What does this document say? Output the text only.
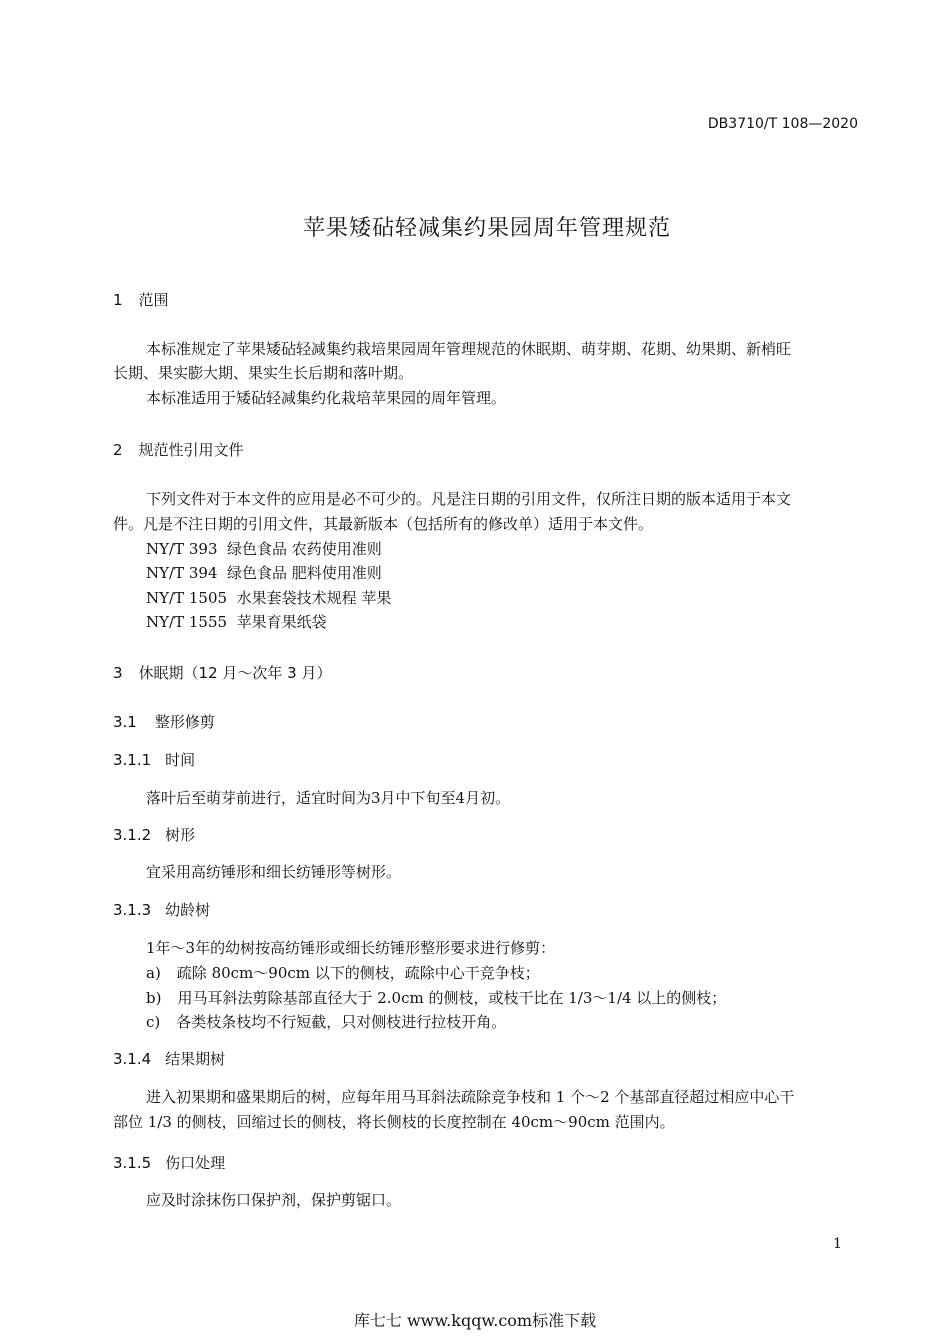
DB3710/T 108—2020
苹果矮砧轻减集约果园周年管理规范
1 范围
本标准规定了苹果矮砧轻减集约栽培果园周年管理规范的休眠期、萌芽期、花期、幼果期、新梢旺
长期、果实膨大期、果实生长后期和落叶期。
本标准适用于矮砧轻减集约化栽培苹果园的周年管理。
2 规范性引用文件
下列文件对于本文件的应用是必不可少的。凡是注日期的引用文件，仅所注日期的版本适用于本文
件。凡是不注日期的引用文件，其最新版本（包括所有的修改单）适用于本文件。
NY/T 393  绿色食品 农药使用准则
NY/T 394  绿色食品 肥料使用准则
NY/T 1505  水果套袋技术规程 苹果
NY/T 1555  苹果育果纸袋
3 休眠期（12 月～次年 3 月）
3.1 整形修剪
3.1.1 时间
落叶后至萌芽前进行，适宜时间为3月中下旬至4月初。
3.1.2 树形
宜采用高纺锤形和细长纺锤形等树形。
3.1.3 幼龄树
1年～3年的幼树按高纺锤形或细长纺锤形整形要求进行修剪：
a) 疏除 80cm～90cm 以下的侧枝，疏除中心干竞争枝；
b) 用马耳斜法剪除基部直径大于 2.0cm 的侧枝，或枝干比在 1/3～1/4 以上的侧枝；
c) 各类枝条枝均不行短截，只对侧枝进行拉枝开角。
3.1.4 结果期树
进入初果期和盛果期后的树，应每年用马耳斜法疏除竞争枝和 1 个～2 个基部直径超过相应中心干
部位 1/3 的侧枝，回缩过长的侧枝，将长侧枝的长度控制在 40cm～90cm 范围内。
3.1.5 伤口处理
应及时涂抹伤口保护剂，保护剪锯口。
1
库七七 www.kqqw.com标准下载
